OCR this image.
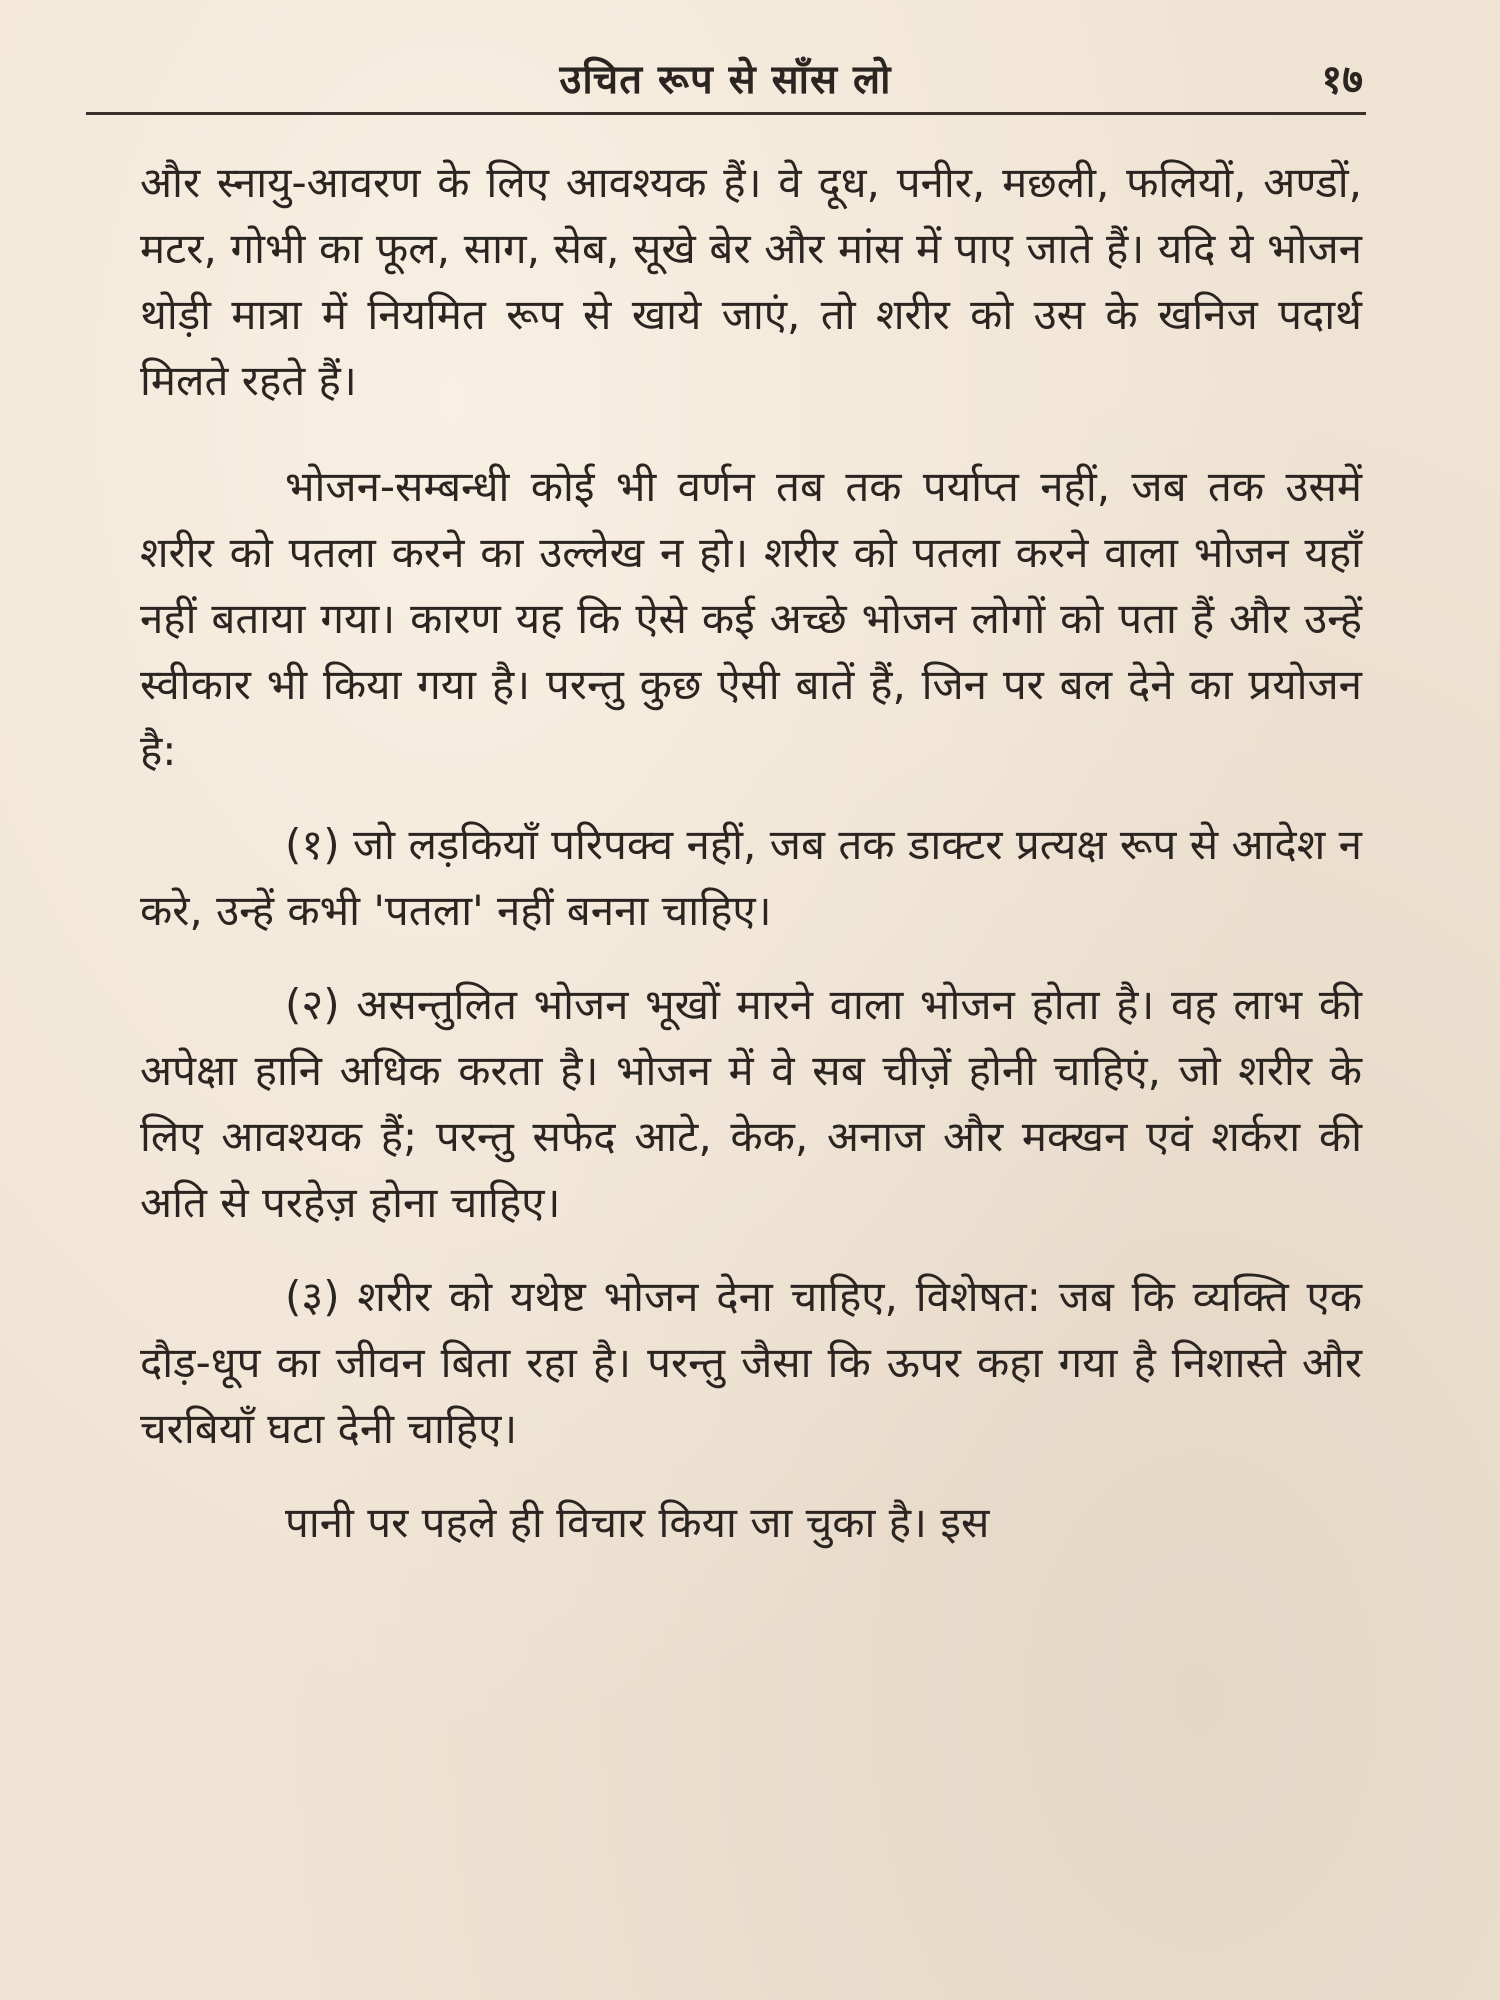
उचित रूप से साँस लो	१७

और स्नायु-आवरण के लिए आवश्यक हैं। वे दूध, पनीर, मछली, फलियों, अण्डों, मटर, गोभी का फूल, साग, सेब, सूखे बेर और मांस में पाए जाते हैं। यदि ये भोजन थोड़ी मात्रा में नियमित रूप से खाये जाएं, तो शरीर को उस के खनिज पदार्थ मिलते रहते हैं।

भोजन-सम्बन्धी कोई भी वर्णन तब तक पर्याप्त नहीं, जब तक उसमें शरीर को पतला करने का उल्लेख न हो। शरीर को पतला करने वाला भोजन यहाँ नहीं बताया गया। कारण यह कि ऐसे कई अच्छे भोजन लोगों को पता हैं और उन्हें स्वीकार भी किया गया है। परन्तु कुछ ऐसी बातें हैं, जिन पर बल देने का प्रयोजन है:

(१) जो लड़कियाँ परिपक्व नहीं, जब तक डाक्टर प्रत्यक्ष रूप से आदेश न करे, उन्हें कभी 'पतला' नहीं बनना चाहिए।

(२) असन्तुलित भोजन भूखों मारने वाला भोजन होता है। वह लाभ की अपेक्षा हानि अधिक करता है। भोजन में वे सब चीज़ें होनी चाहिएं, जो शरीर के लिए आवश्यक हैं; परन्तु सफेद आटे, केक, अनाज और मक्खन एवं शर्करा की अति से परहेज़ होना चाहिए।

(३) शरीर को यथेष्ट भोजन देना चाहिए, विशेषत: जब कि व्यक्ति एक दौड़-धूप का जीवन बिता रहा है। परन्तु जैसा कि ऊपर कहा गया है निशास्ते और चरबियाँ घटा देनी चाहिए।

पानी पर पहले ही विचार किया जा चुका है। इस
